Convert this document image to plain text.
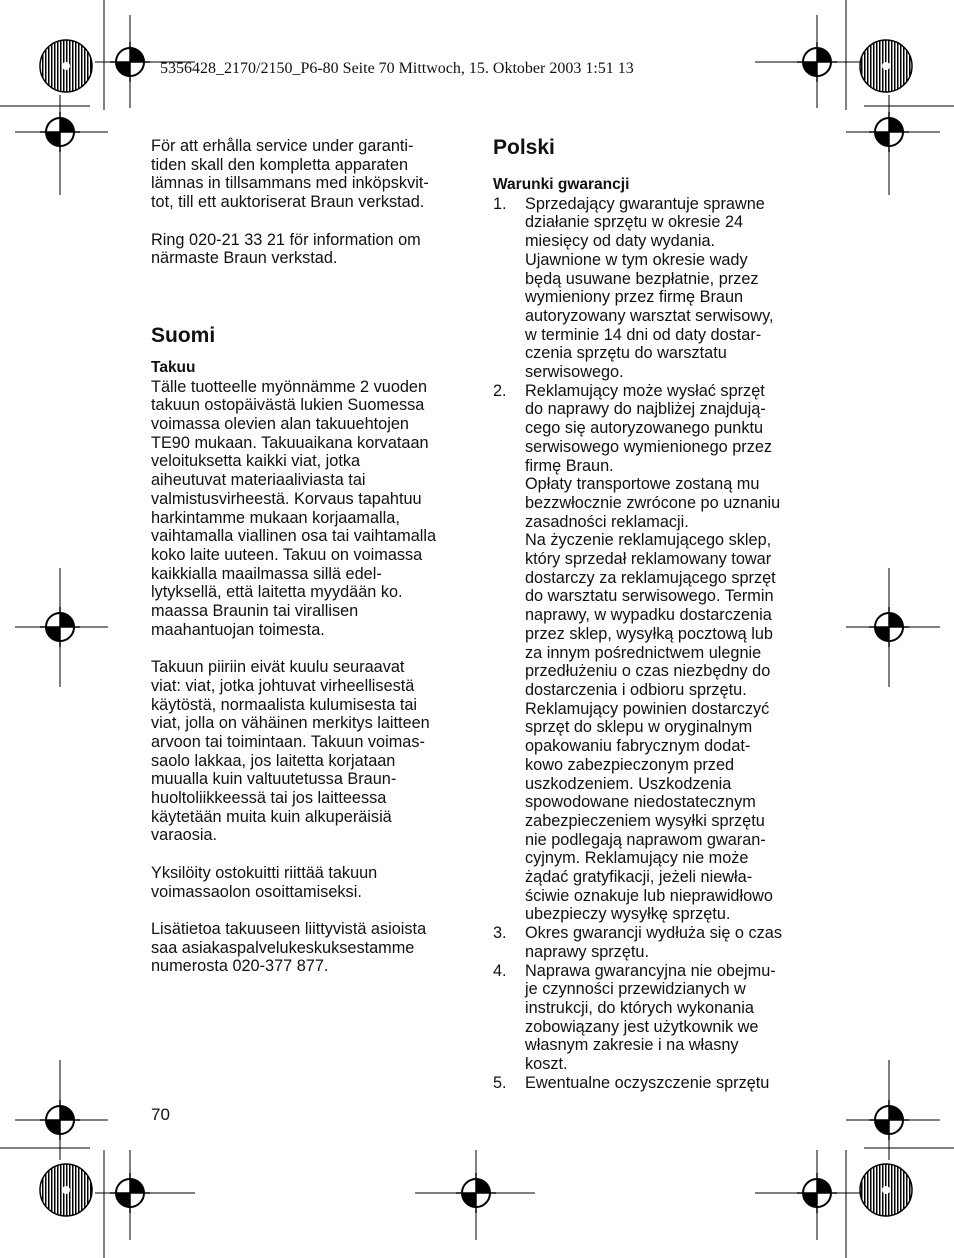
5356428_2170/2150_P6-80 Seite 70 Mittwoch, 15. Oktober 2003 1:51 13
För att erhålla service under garanti-
tiden skall den kompletta apparaten
lämnas in tillsammans med inköpskvit-
tot, till ett auktoriserat Braun verkstad.
Ring 020-21 33 21 för information om
närmaste Braun verkstad.
Suomi
Takuu
Tälle tuotteelle myönnämme 2 vuoden
takuun ostopäivästä lukien Suomessa
voimassa olevien alan takuuehtojen
TE90 mukaan. Takuuaikana korvataan
veloituksetta kaikki viat, jotka
aiheutuvat materiaaliviasta tai
valmistusvirheestä. Korvaus tapahtuu
harkintamme mukaan korjaamalla,
vaihtamalla viallinen osa tai vaihtamalla
koko laite uuteen. Takuu on voimassa
kaikkialla maailmassa sillä edel-
lytyksellä, että laitetta myydään ko.
maassa Braunin tai virallisen
maahantuojan toimesta.
Takuun piiriin eivät kuulu seuraavat
viat: viat, jotka johtuvat virheellisestä
käytöstä, normaalista kulumisesta tai
viat, jolla on vähäinen merkitys laitteen
arvoon tai toimintaan. Takuun voimas-
saolo lakkaa, jos laitetta korjataan
muualla kuin valtuutetussa Braun-
huoltoliikkeessä tai jos laitteessa
käytetään muita kuin alkuperäisiä
varaosia.
Yksilöity ostokuitti riittää takuun
voimassaolon osoittamiseksi.
Lisätietoa takuuseen liittyvistä asioista
saa asiakaspalvelukeskuksestamme
numerosta 020-377 877.
Polski
Warunki gwarancji
1.	Sprzedający gwarantuje sprawne
działanie sprzętu w okresie 24
miesięcy od daty wydania.
Ujawnione w tym okresie wady
będą usuwane bezpłatnie, przez
wymieniony przez firmę Braun
autoryzowany warsztat serwisowy,
w terminie 14 dni od daty dostar-
czenia sprzętu do warsztatu
serwisowego.
2.	Reklamujący może wysłać sprzęt
do naprawy do najbliżej znajdują-
cego się autoryzowanego punktu
serwisowego wymienionego przez
firmę Braun.
Opłaty transportowe zostaną mu
bezzwłocznie zwrócone po uznaniu
zasadności reklamacji.
Na życzenie reklamującego sklep,
który sprzedał reklamowany towar
dostarczy za reklamującego sprzęt
do warsztatu serwisowego. Termin
naprawy, w wypadku dostarczenia
przez sklep, wysyłką pocztową lub
za innym pośrednictwem ulegnie
przedłużeniu o czas niezbędny do
dostarczenia i odbioru sprzętu.
Reklamujący powinien dostarczyć
sprzęt do sklepu w oryginalnym
opakowaniu fabrycznym dodat-
kowo zabezpieczonym przed
uszkodzeniem. Uszkodzenia
spowodowane niedostatecznym
zabezpieczeniem wysyłki sprzętu
nie podlegają naprawom gwaran-
cyjnym. Reklamujący nie może
żądać gratyfikacji, jeżeli niewła-
ściwie oznakuje lub nieprawidłowo
ubezpieczy wysyłkę sprzętu.
3.	Okres gwarancji wydłuża się o czas
naprawy sprzętu.
4.	Naprawa gwarancyjna nie obejmu-
je czynności przewidzianych w
instrukcji, do których wykonania
zobowiązany jest użytkownik we
własnym zakresie i na własny
koszt.
5.	Ewentualne oczyszczenie sprzętu
70
